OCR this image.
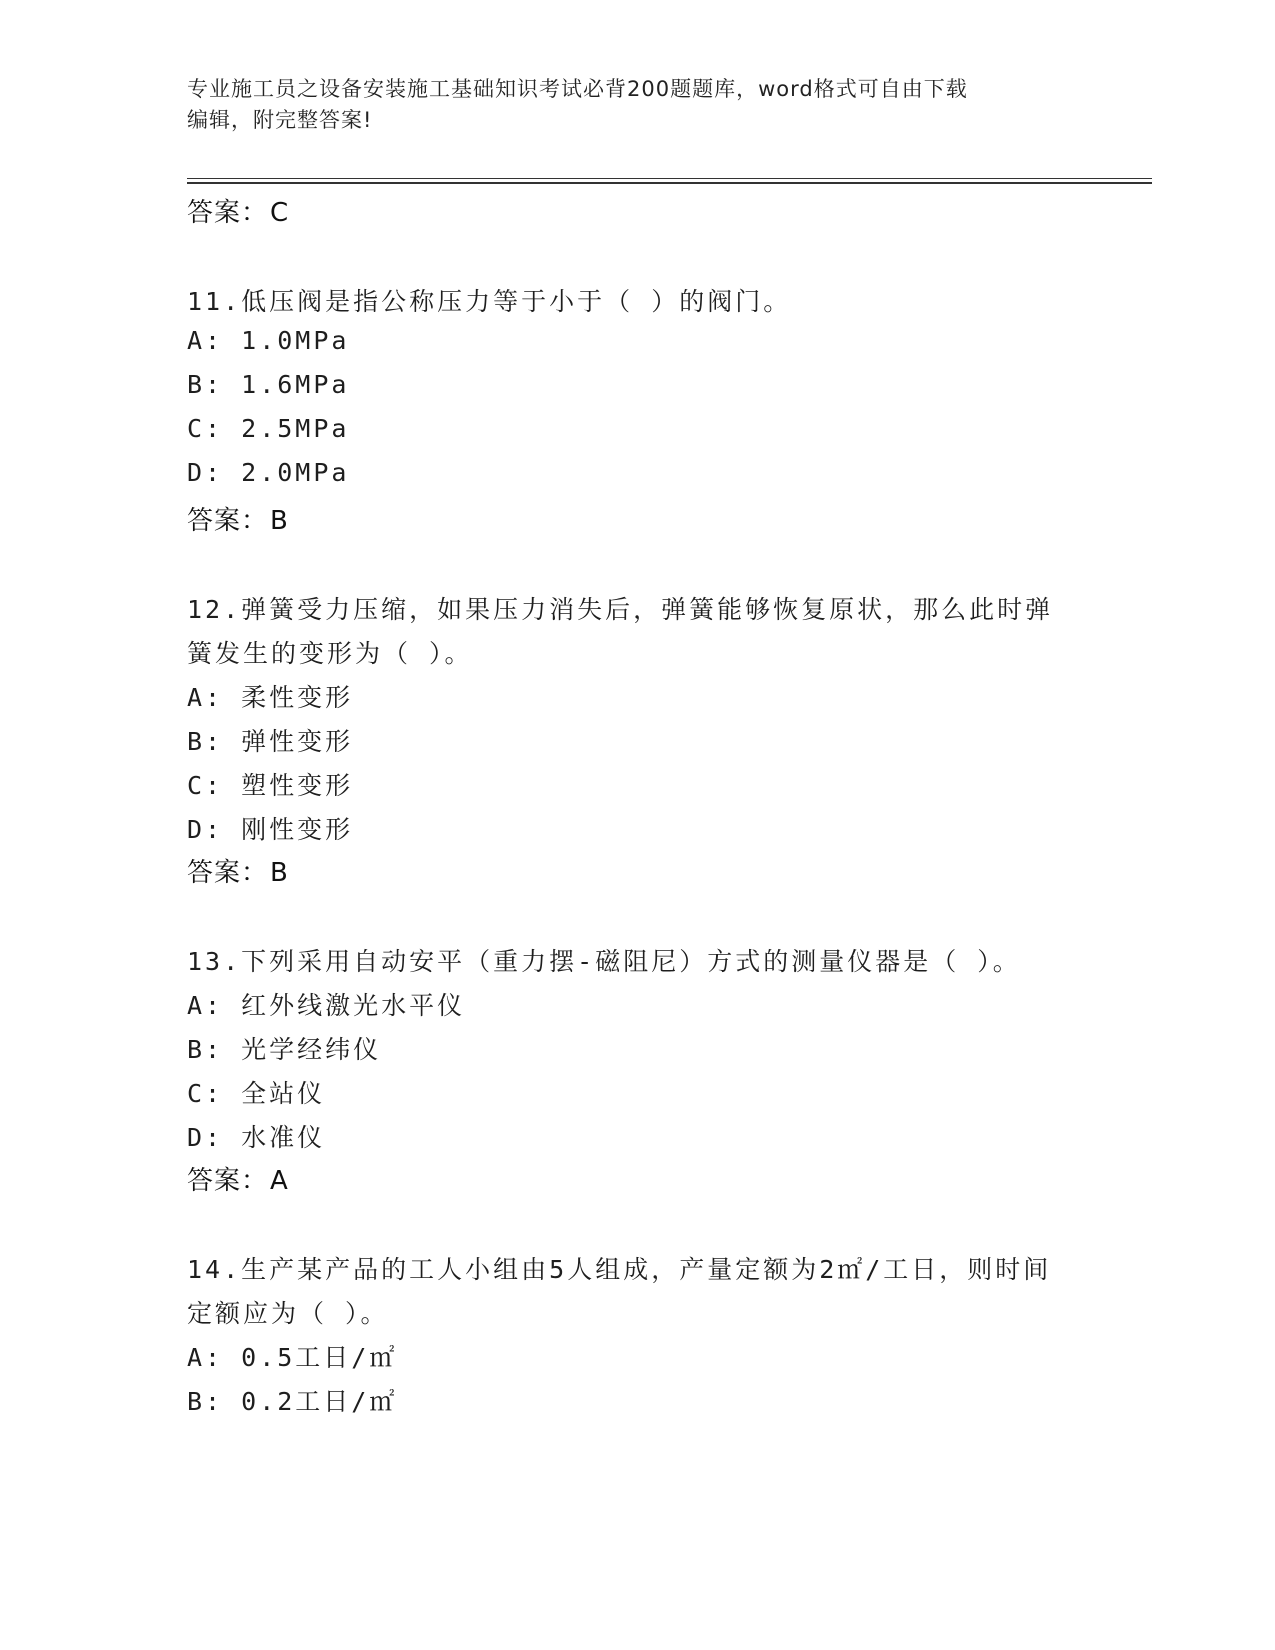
专业施工员之设备安装施工基础知识考试必背200题题库，word格式可自由下载
编辑，附完整答案!
答案：C
11.低压阀是指公称压力等于小于（ ）的阀门。
A: 1.0MPa
B: 1.6MPa
C: 2.5MPa
D: 2.0MPa
答案：B
12.弹簧受力压缩，如果压力消失后，弹簧能够恢复原状，那么此时弹
簧发生的变形为（ ）。
A: 柔性变形
B: 弹性变形
C: 塑性变形
D: 刚性变形
答案：B
13.下列采用自动安平（重力摆-磁阻尼）方式的测量仪器是（ ）。
A: 红外线激光水平仪
B: 光学经纬仪
C: 全站仪
D: 水准仪
答案：A
14.生产某产品的工人小组由5人组成，产量定额为2㎡/工日，则时间
定额应为（ ）。
A: 0.5工日/㎡
B: 0.2工日/㎡
